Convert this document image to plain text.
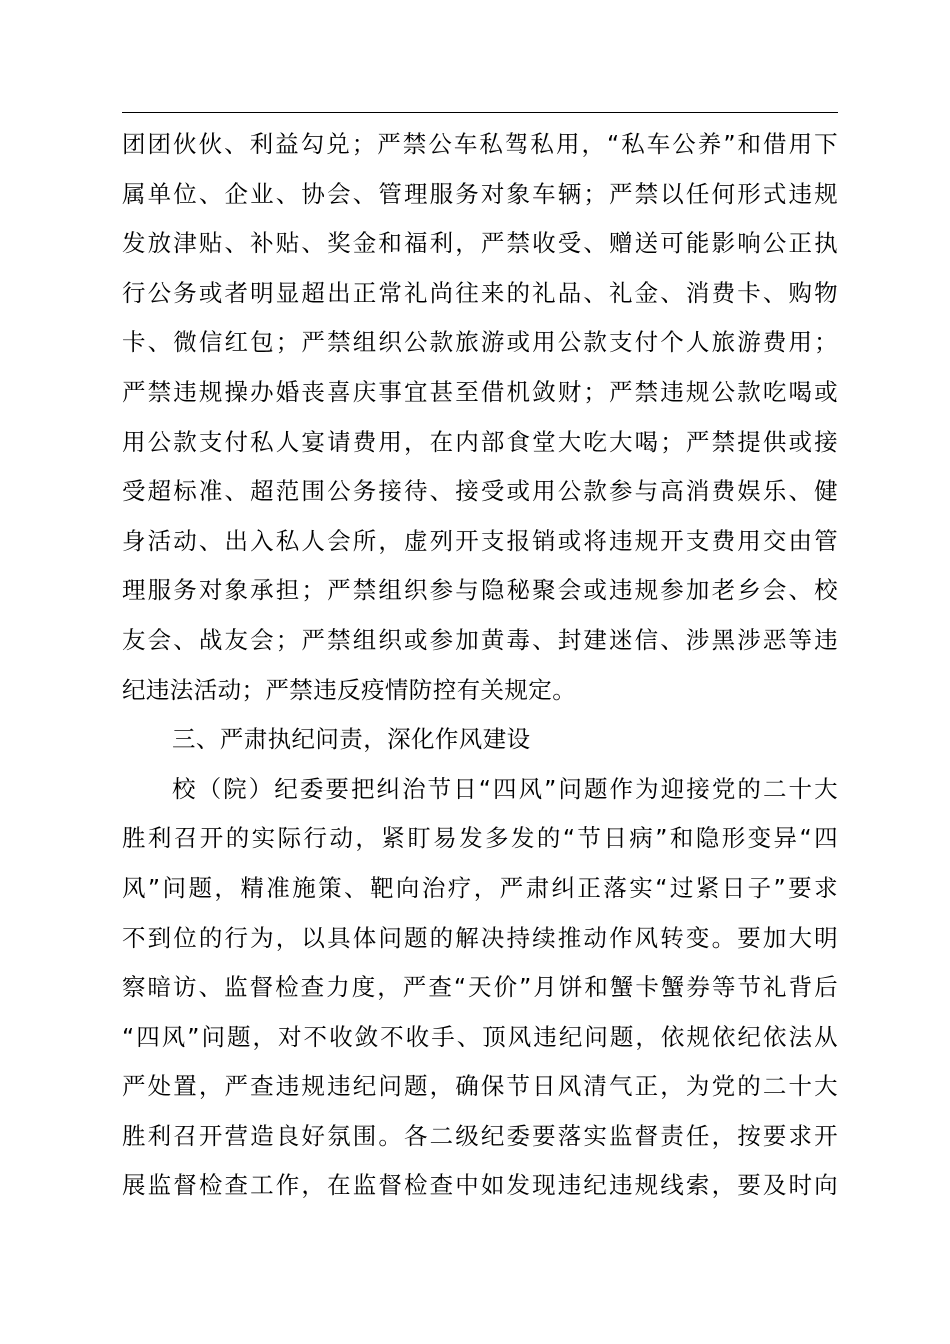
团团伙伙、利益勾兑；严禁公车私驾私用，“私车公养”和借用下
属单位、企业、协会、管理服务对象车辆；严禁以任何形式违规
发放津贴、补贴、奖金和福利，严禁收受、赠送可能影响公正执
行公务或者明显超出正常礼尚往来的礼品、礼金、消费卡、购物
卡、微信红包；严禁组织公款旅游或用公款支付个人旅游费用；
严禁违规操办婚丧喜庆事宜甚至借机敛财；严禁违规公款吃喝或
用公款支付私人宴请费用，在内部食堂大吃大喝；严禁提供或接
受超标准、超范围公务接待、接受或用公款参与高消费娱乐、健
身活动、出入私人会所，虚列开支报销或将违规开支费用交由管
理服务对象承担；严禁组织参与隐秘聚会或违规参加老乡会、校
友会、战友会；严禁组织或参加黄毒、封建迷信、涉黑涉恶等违
纪违法活动；严禁违反疫情防控有关规定。
三、严肃执纪问责，深化作风建设
校（院）纪委要把纠治节日“四风”问题作为迎接党的二十大
胜利召开的实际行动，紧盯易发多发的“节日病”和隐形变异“四
风”问题，精准施策、靶向治疗，严肃纠正落实“过紧日子”要求
不到位的行为，以具体问题的解决持续推动作风转变。要加大明
察暗访、监督检查力度，严查“天价”月饼和蟹卡蟹券等节礼背后
“四风”问题，对不收敛不收手、顶风违纪问题，依规依纪依法从
严处置，严查违规违纪问题，确保节日风清气正，为党的二十大
胜利召开营造良好氛围。各二级纪委要落实监督责任，按要求开
展监督检查工作，在监督检查中如发现违纪违规线索，要及时向
